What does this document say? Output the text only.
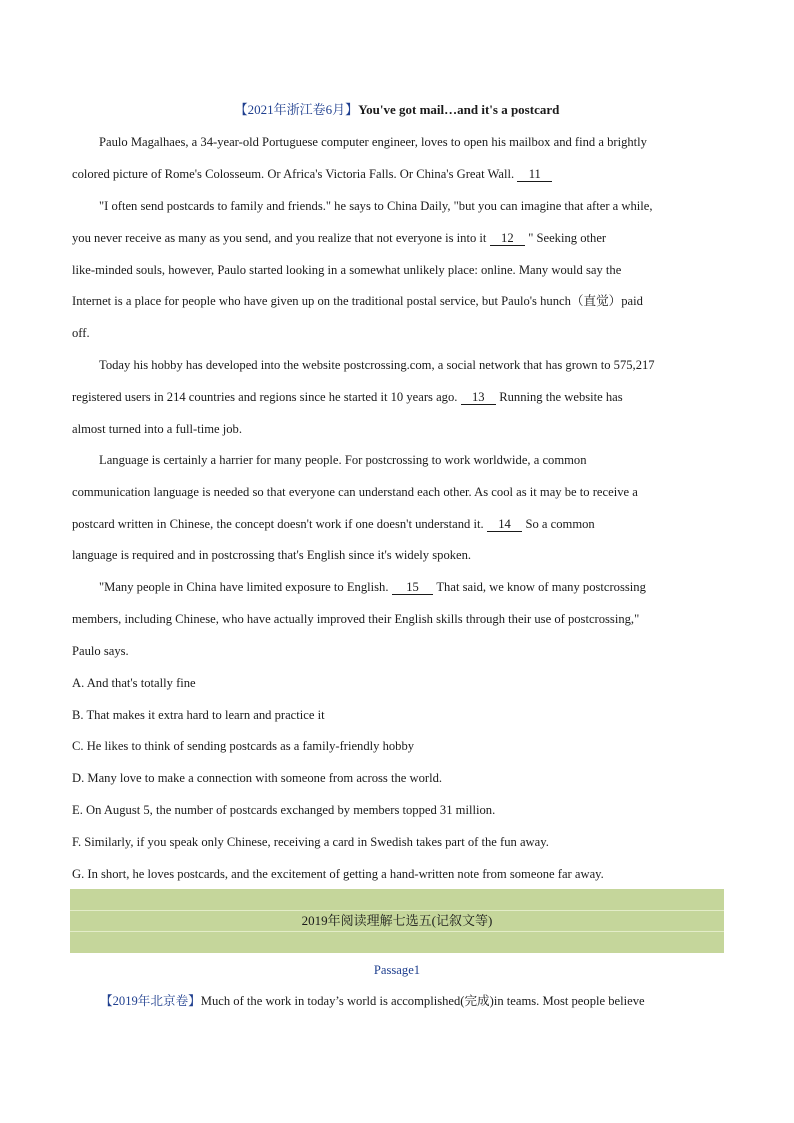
【2021年浙江卷6月】You've got mail…and it's a postcard
Paulo Magalhaes, a 34-year-old Portuguese computer engineer, loves to open his mailbox and find a brightly
colored picture of Rome's Colosseum. Or Africa's Victoria Falls. Or China's Great Wall.    11
"I often send postcards to family and friends." he says to China Daily, "but you can imagine that after a while,
you never receive as many as you send, and you realize that not everyone is into it    12    " Seeking other
like-minded souls, however, Paulo started looking in a somewhat unlikely place: online. Many would say the
Internet is a place for people who have given up on the traditional postal service, but Paulo's hunch（直觉）paid
off.
Today his hobby has developed into the website postcrossing.com, a social network that has grown to 575,217
registered users in 214 countries and regions since he started it 10 years ago.    13    Running the website has
almost turned into a full-time job.
Language is certainly a harrier for many people. For postcrossing to work worldwide, a common
communication language is needed so that everyone can understand each other. As cool as it may be to receive a
postcard written in Chinese, the concept doesn't work if one doesn't understand it.    14    So a common
language is required and in postcrossing that's English since it's widely spoken.
"Many people in China have limited exposure to English.     15     That said, we know of many postcrossing
members, including Chinese, who have actually improved their English skills through their use of postcrossing,"
Paulo says.
A. And that's totally fine
B. That makes it extra hard to learn and practice it
C. He likes to think of sending postcards as a family-friendly hobby
D. Many love to make a connection with someone from across the world.
E. On August 5, the number of postcards exchanged by members topped 31 million.
F. Similarly, if you speak only Chinese, receiving a card in Swedish takes part of the fun away.
G. In short, he loves postcards, and the excitement of getting a hand-written note from someone far away.
2019年阅读理解七选五(记叙文等)
Passage1
【2019年北京卷】Much of the work in today’s world is accomplished(完成)in teams. Most people believe
